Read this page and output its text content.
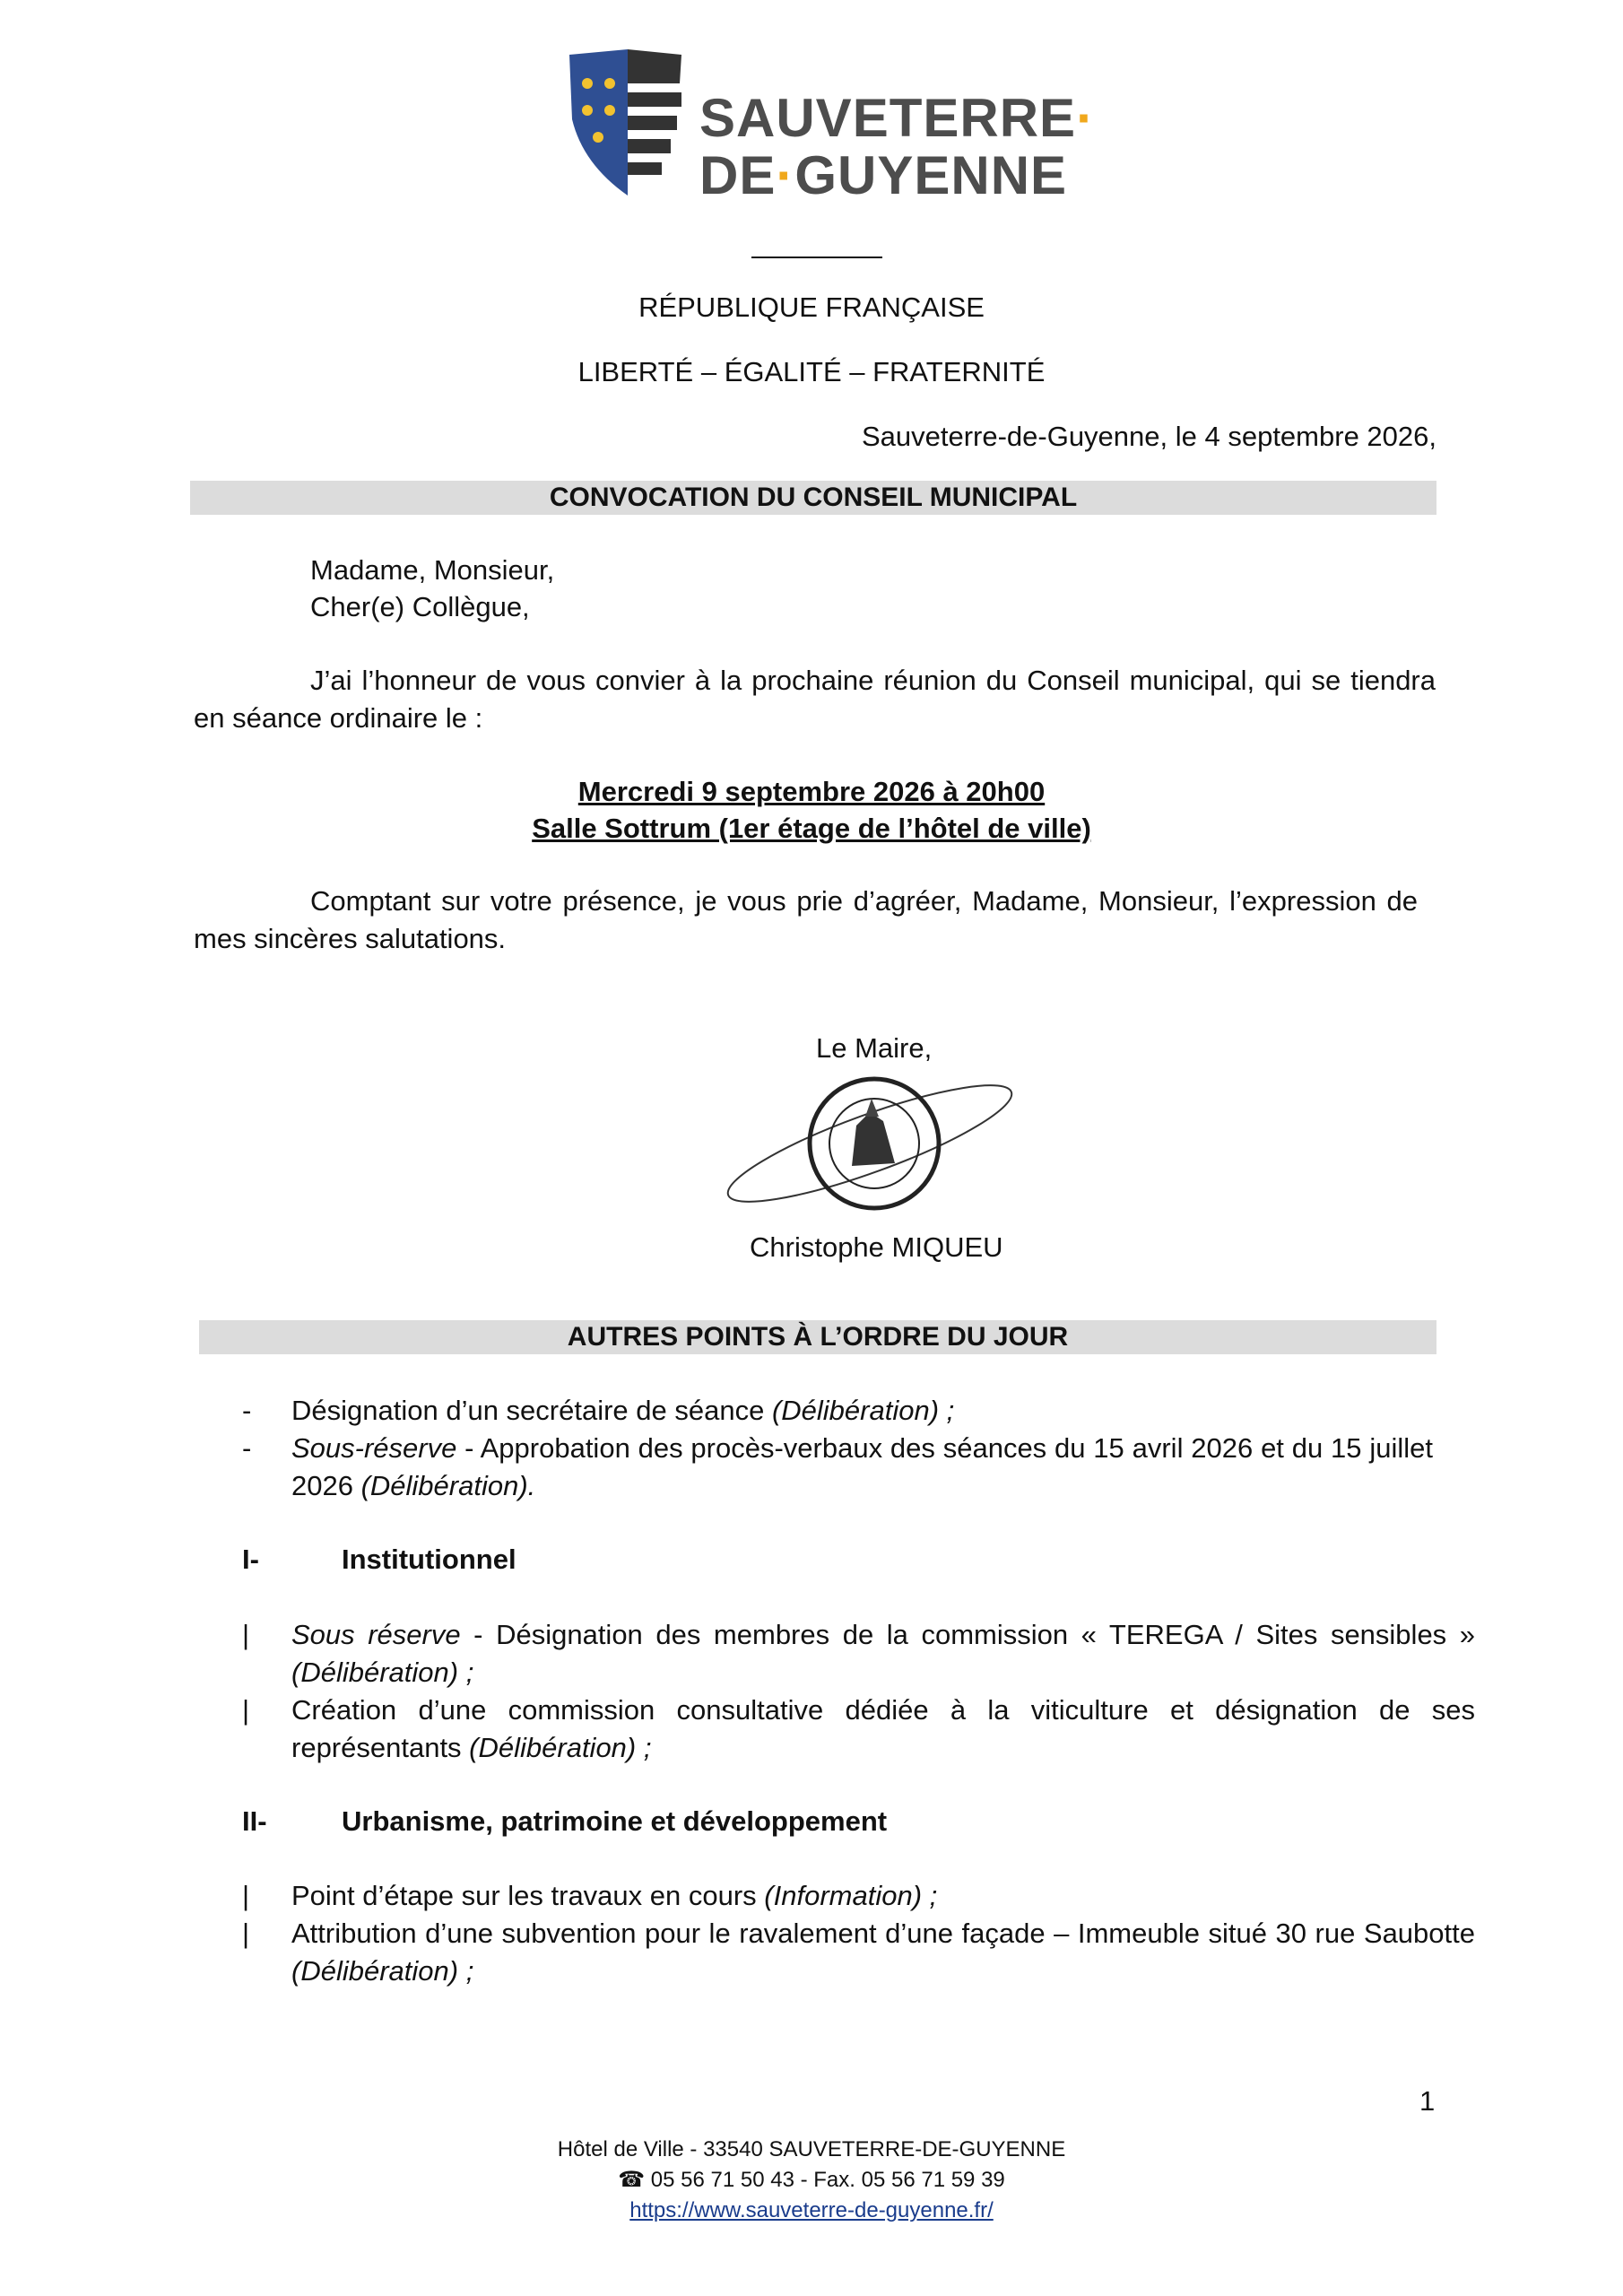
SAUVETERRE·
DE·GUYENNE
RÉPUBLIQUE FRANÇAISE
LIBERTÉ – ÉGALITÉ – FRATERNITÉ
Sauveterre-de-Guyenne, le 4 septembre 2026,
CONVOCATION DU CONSEIL MUNICIPAL
Madame, Monsieur,
Cher(e) Collègue,
J’ai l’honneur de vous convier à la prochaine réunion du Conseil municipal, qui se tiendra en séance ordinaire le :
Mercredi 9 septembre 2026 à 20h00
Salle Sottrum (1er étage de l’hôtel de ville)
Comptant sur votre présence, je vous prie d’agréer, Madame, Monsieur, l’expression de mes sincères salutations.
Le Maire,
Christophe MIQUEU
AUTRES POINTS À L’ORDRE DU JOUR
- Désignation d’un secrétaire de séance (Délibération) ;
- Sous-réserve - Approbation des procès-verbaux des séances du 15 avril 2026 et du 15 juillet 2026 (Délibération).
I-	Institutionnel
| Sous réserve - Désignation des membres de la commission « TEREGA / Sites sensibles » (Délibération) ;
| Création d’une commission consultative dédiée à la viticulture et désignation de ses représentants (Délibération) ;
II-	Urbanisme, patrimoine et développement
| Point d’étape sur les travaux en cours (Information) ;
| Attribution d’une subvention pour le ravalement d’une façade – Immeuble situé 30 rue Saubotte (Délibération) ;
1
Hôtel de Ville - 33540 SAUVETERRE-DE-GUYENNE
☎ 05 56 71 50 43 - Fax. 05 56 71 59 39
https://www.sauveterre-de-guyenne.fr/
